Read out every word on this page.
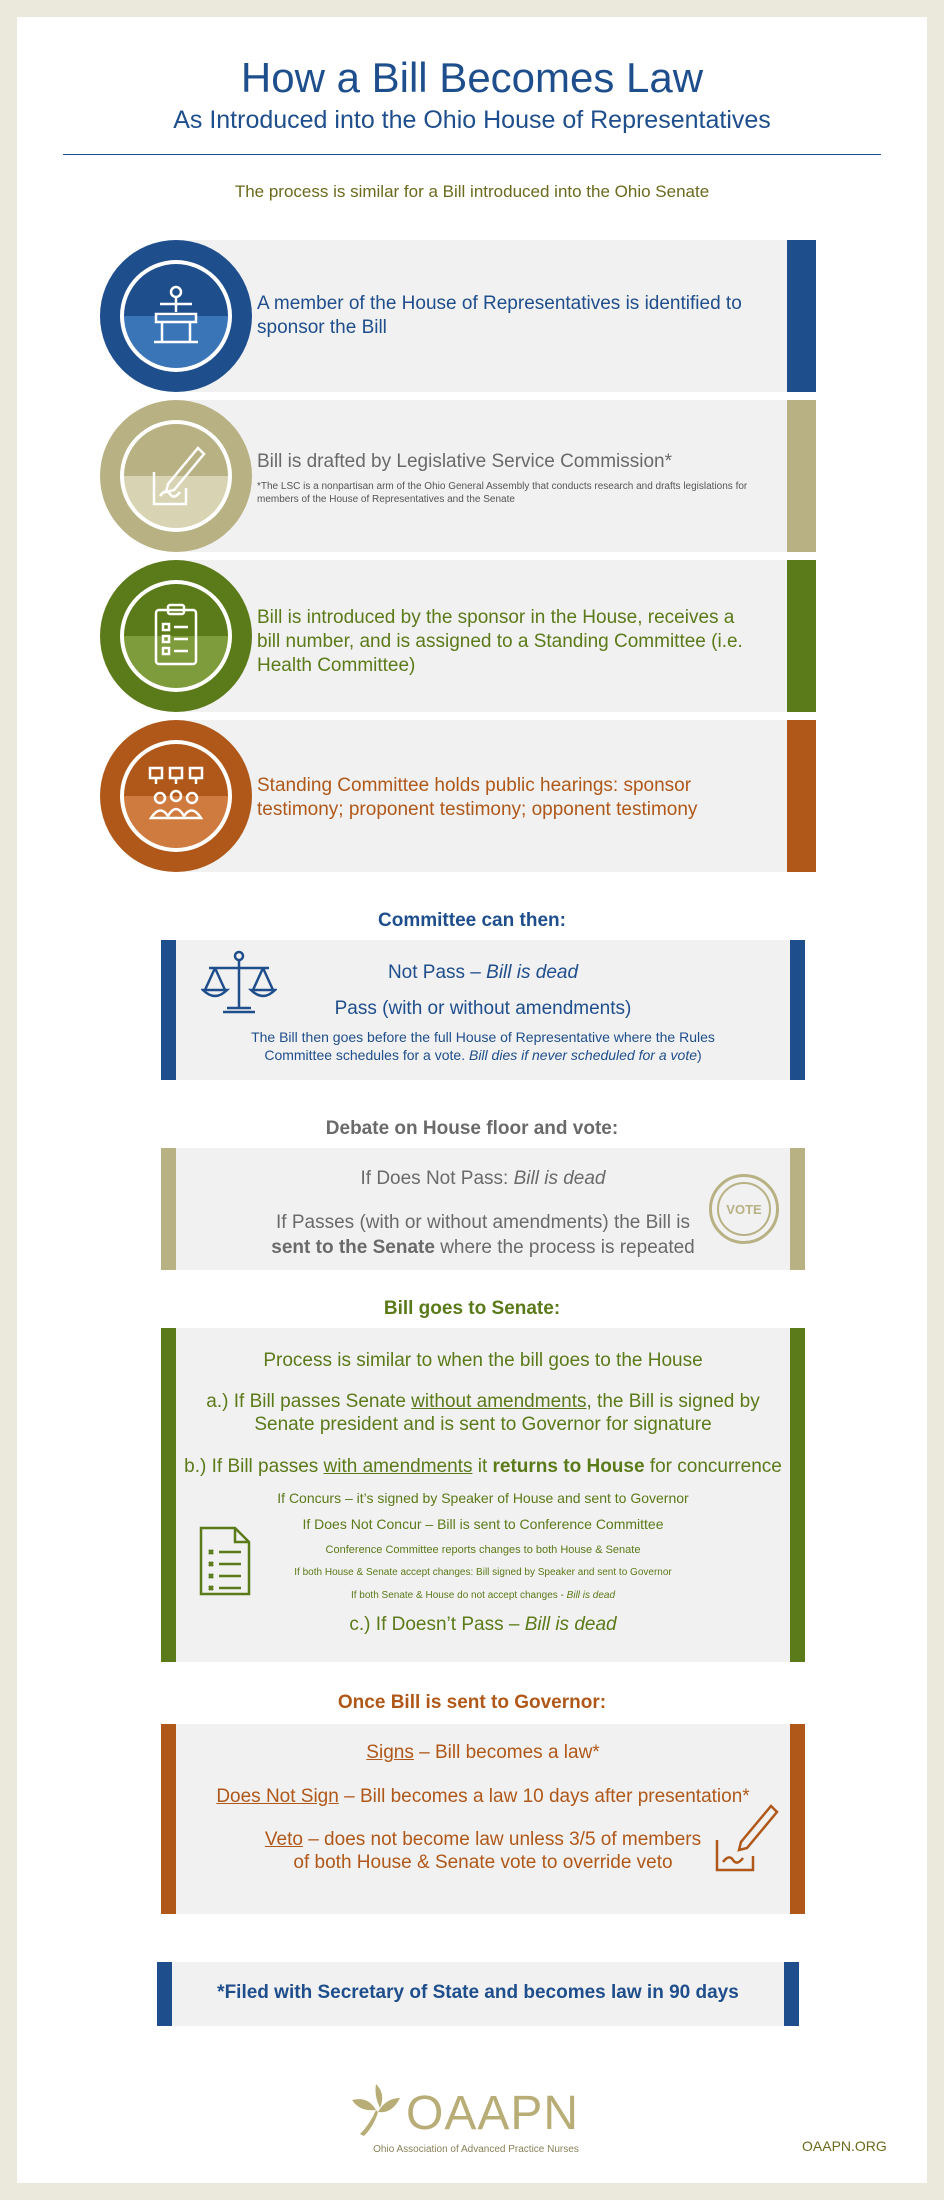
How a Bill Becomes Law
As Introduced into the Ohio House of Representatives
The process is similar for a Bill introduced into the Ohio Senate
A member of the House of Representatives is identified to sponsor the Bill
Bill is drafted by Legislative Service Commission*
*The LSC is a nonpartisan arm of the Ohio General Assembly that conducts research and drafts legislations for members of the House of Representatives and the Senate
Bill is introduced by the sponsor in the House, receives a bill number, and is assigned to a Standing Committee (i.e. Health Committee)
Standing Committee holds public hearings: sponsor testimony; proponent testimony; opponent testimony
Committee can then:
Not Pass – Bill is dead
Pass (with or without amendments)
The Bill then goes before the full House of Representative where the Rules Committee schedules for a vote. Bill dies if never scheduled for a vote)
Debate on House floor and vote:
If Does Not Pass: Bill is dead
If Passes (with or without amendments) the Bill is
sent to the Senate where the process is repeated
VOTE
Bill goes to Senate:
Process is similar to when the bill goes to the House
a.) If Bill passes Senate without amendments, the Bill is signed by
Senate president and is sent to Governor for signature
b.) If Bill passes with amendments it returns to House for concurrence
If Concurs – it’s signed by Speaker of House and sent to Governor
If Does Not Concur – Bill is sent to Conference Committee
Conference Committee reports changes to both House & Senate
If both House & Senate accept changes: Bill signed by Speaker and sent to Governor
If both Senate & House do not accept changes - Bill is dead
c.) If Doesn’t Pass – Bill is dead
Once Bill is sent to Governor:
Signs – Bill becomes a law*
Does Not Sign – Bill becomes a law 10 days after presentation*
Veto – does not become law unless 3/5 of members
of both House & Senate vote to override veto
*Filed with Secretary of State and becomes law in 90 days
OAAPN
Ohio Association of Advanced Practice Nurses	OAAPN.ORG
